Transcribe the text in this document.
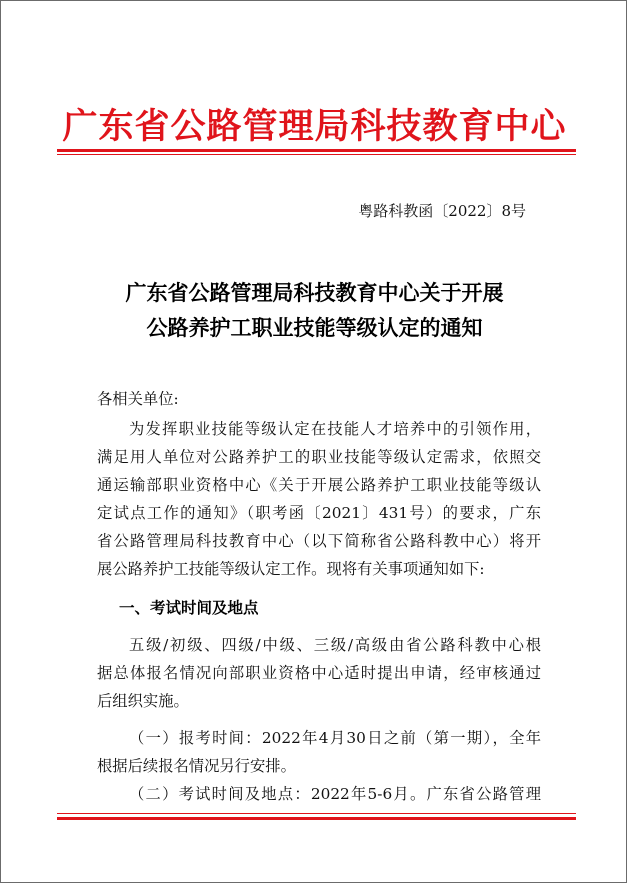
广东省公路管理局科技教育中心
粤路科教函〔2022〕8号
广东省公路管理局科技教育中心关于开展
公路养护工职业技能等级认定的通知
各相关单位:
为发挥职业技能等级认定在技能人才培养中的引领作用，
满足用人单位对公路养护工的职业技能等级认定需求，依照交
通运输部职业资格中心《关于开展公路养护工职业技能等级认
定试点工作的通知》（职考函〔2021〕431号）的要求，广东
省公路管理局科技教育中心（以下简称省公路科教中心）将开
展公路养护工技能等级认定工作。现将有关事项通知如下:
一、考试时间及地点
五级/初级、四级/中级、三级/高级由省公路科教中心根
据总体报名情况向部职业资格中心适时提出申请，经审核通过
后组织实施。
（一）报考时间：2022年4月30日之前（第一期），全年
根据后续报名情况另行安排。
（二）考试时间及地点：2022年5-6月。广东省公路管理
